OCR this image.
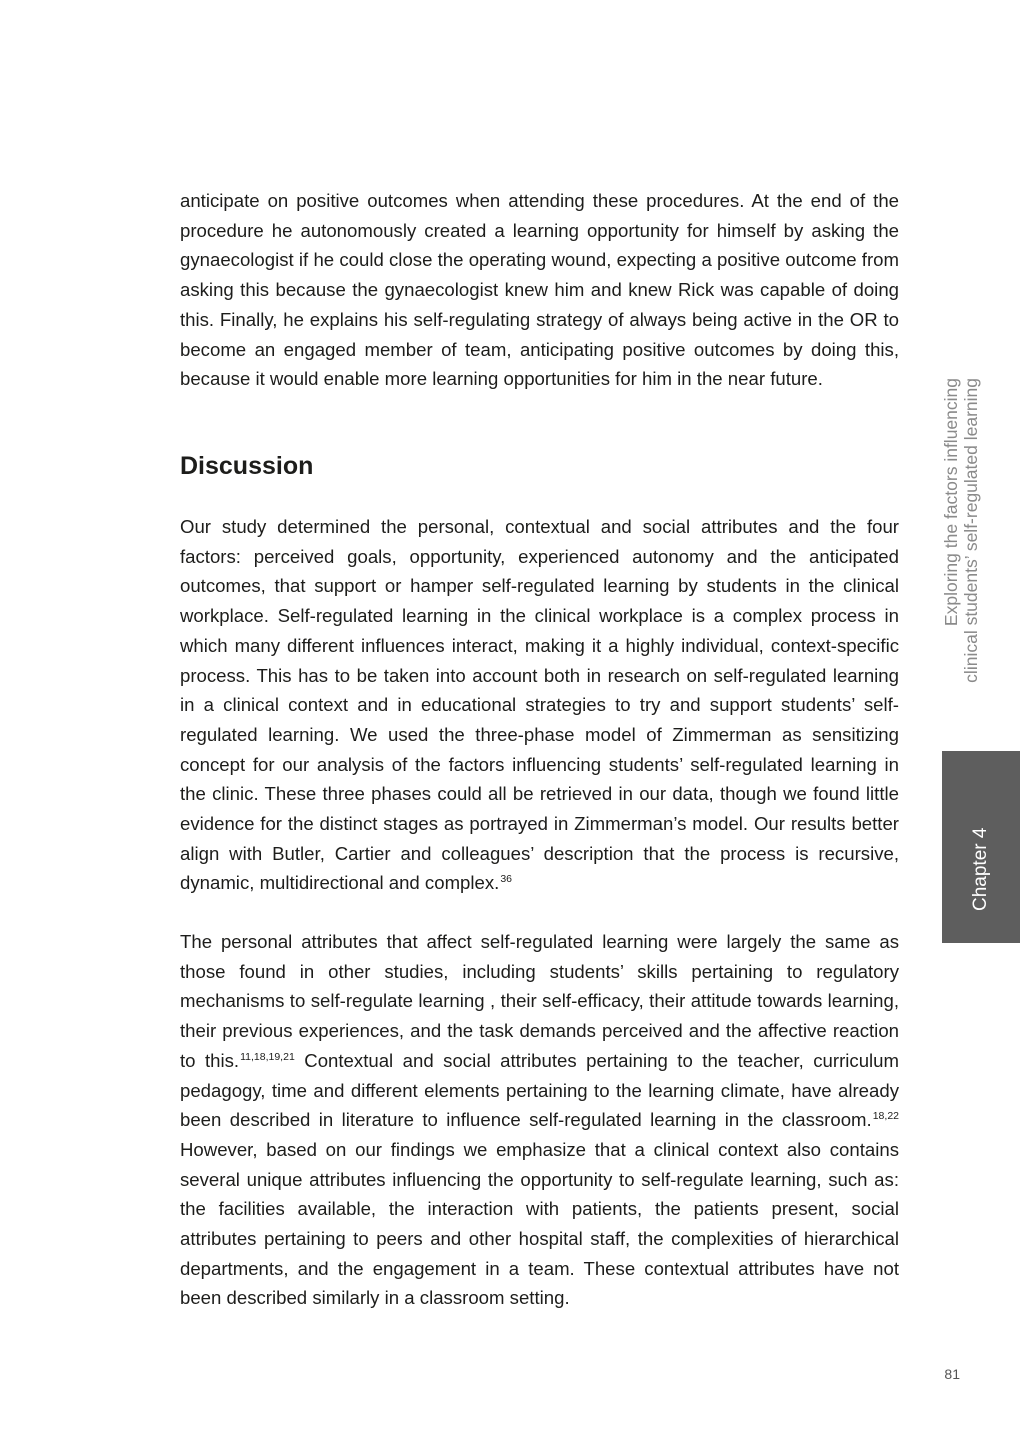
anticipate on positive outcomes when attending these procedures. At the end of the procedure he autonomously created a learning opportunity for himself by asking the gynaecologist if he could close the operating wound, expecting a positive outcome from asking this because the gynaecologist knew him and knew Rick was capable of doing this. Finally, he explains his self-regulating strategy of always being active in the OR to become an engaged member of team, anticipating positive outcomes by doing this, because it would enable more learning opportunities for him in the near future.

Discussion

Our study determined the personal, contextual and social attributes and the four factors: perceived goals, opportunity, experienced autonomy and the anticipated outcomes, that support or hamper self-regulated learning by students in the clinical workplace. Self-regulated learning in the clinical workplace is a complex process in which many different influences interact, making it a highly individual, context-specific process. This has to be taken into account both in research on self-regulated learning in a clinical context and in educational strategies to try and support students’ self-regulated learning. We used the three-phase model of Zimmerman as sensitizing concept for our analysis of the factors influencing students’ self-regulated learning in the clinic. These three phases could all be retrieved in our data, though we found little evidence for the distinct stages as portrayed in Zimmerman’s model. Our results better align with Butler, Cartier and colleagues’ description that the process is recursive, dynamic, multidirectional and complex.$^{36}$

The personal attributes that affect self-regulated learning were largely the same as those found in other studies, including students’ skills pertaining to regulatory mechanisms to self-regulate learning , their self-efficacy, their attitude towards learning, their previous experiences, and the task demands perceived and the affective reaction to this.$^{11,18,19,21}$ Contextual and social attributes pertaining to the teacher, curriculum pedagogy, time and different elements pertaining to the learning climate, have already been described in literature to influence self-regulated learning in the classroom.$^{18,22}$ However, based on our findings we emphasize that a clinical context also contains several unique attributes influencing the opportunity to self-regulate learning, such as: the facilities available, the interaction with patients, the patients present, social attributes pertaining to peers and other hospital staff, the complexities of hierarchical departments, and the engagement in a team. These contextual attributes have not been described similarly in a classroom setting.

Exploring the factors influencing clinical students’ self-regulated learning
Chapter 4
81
